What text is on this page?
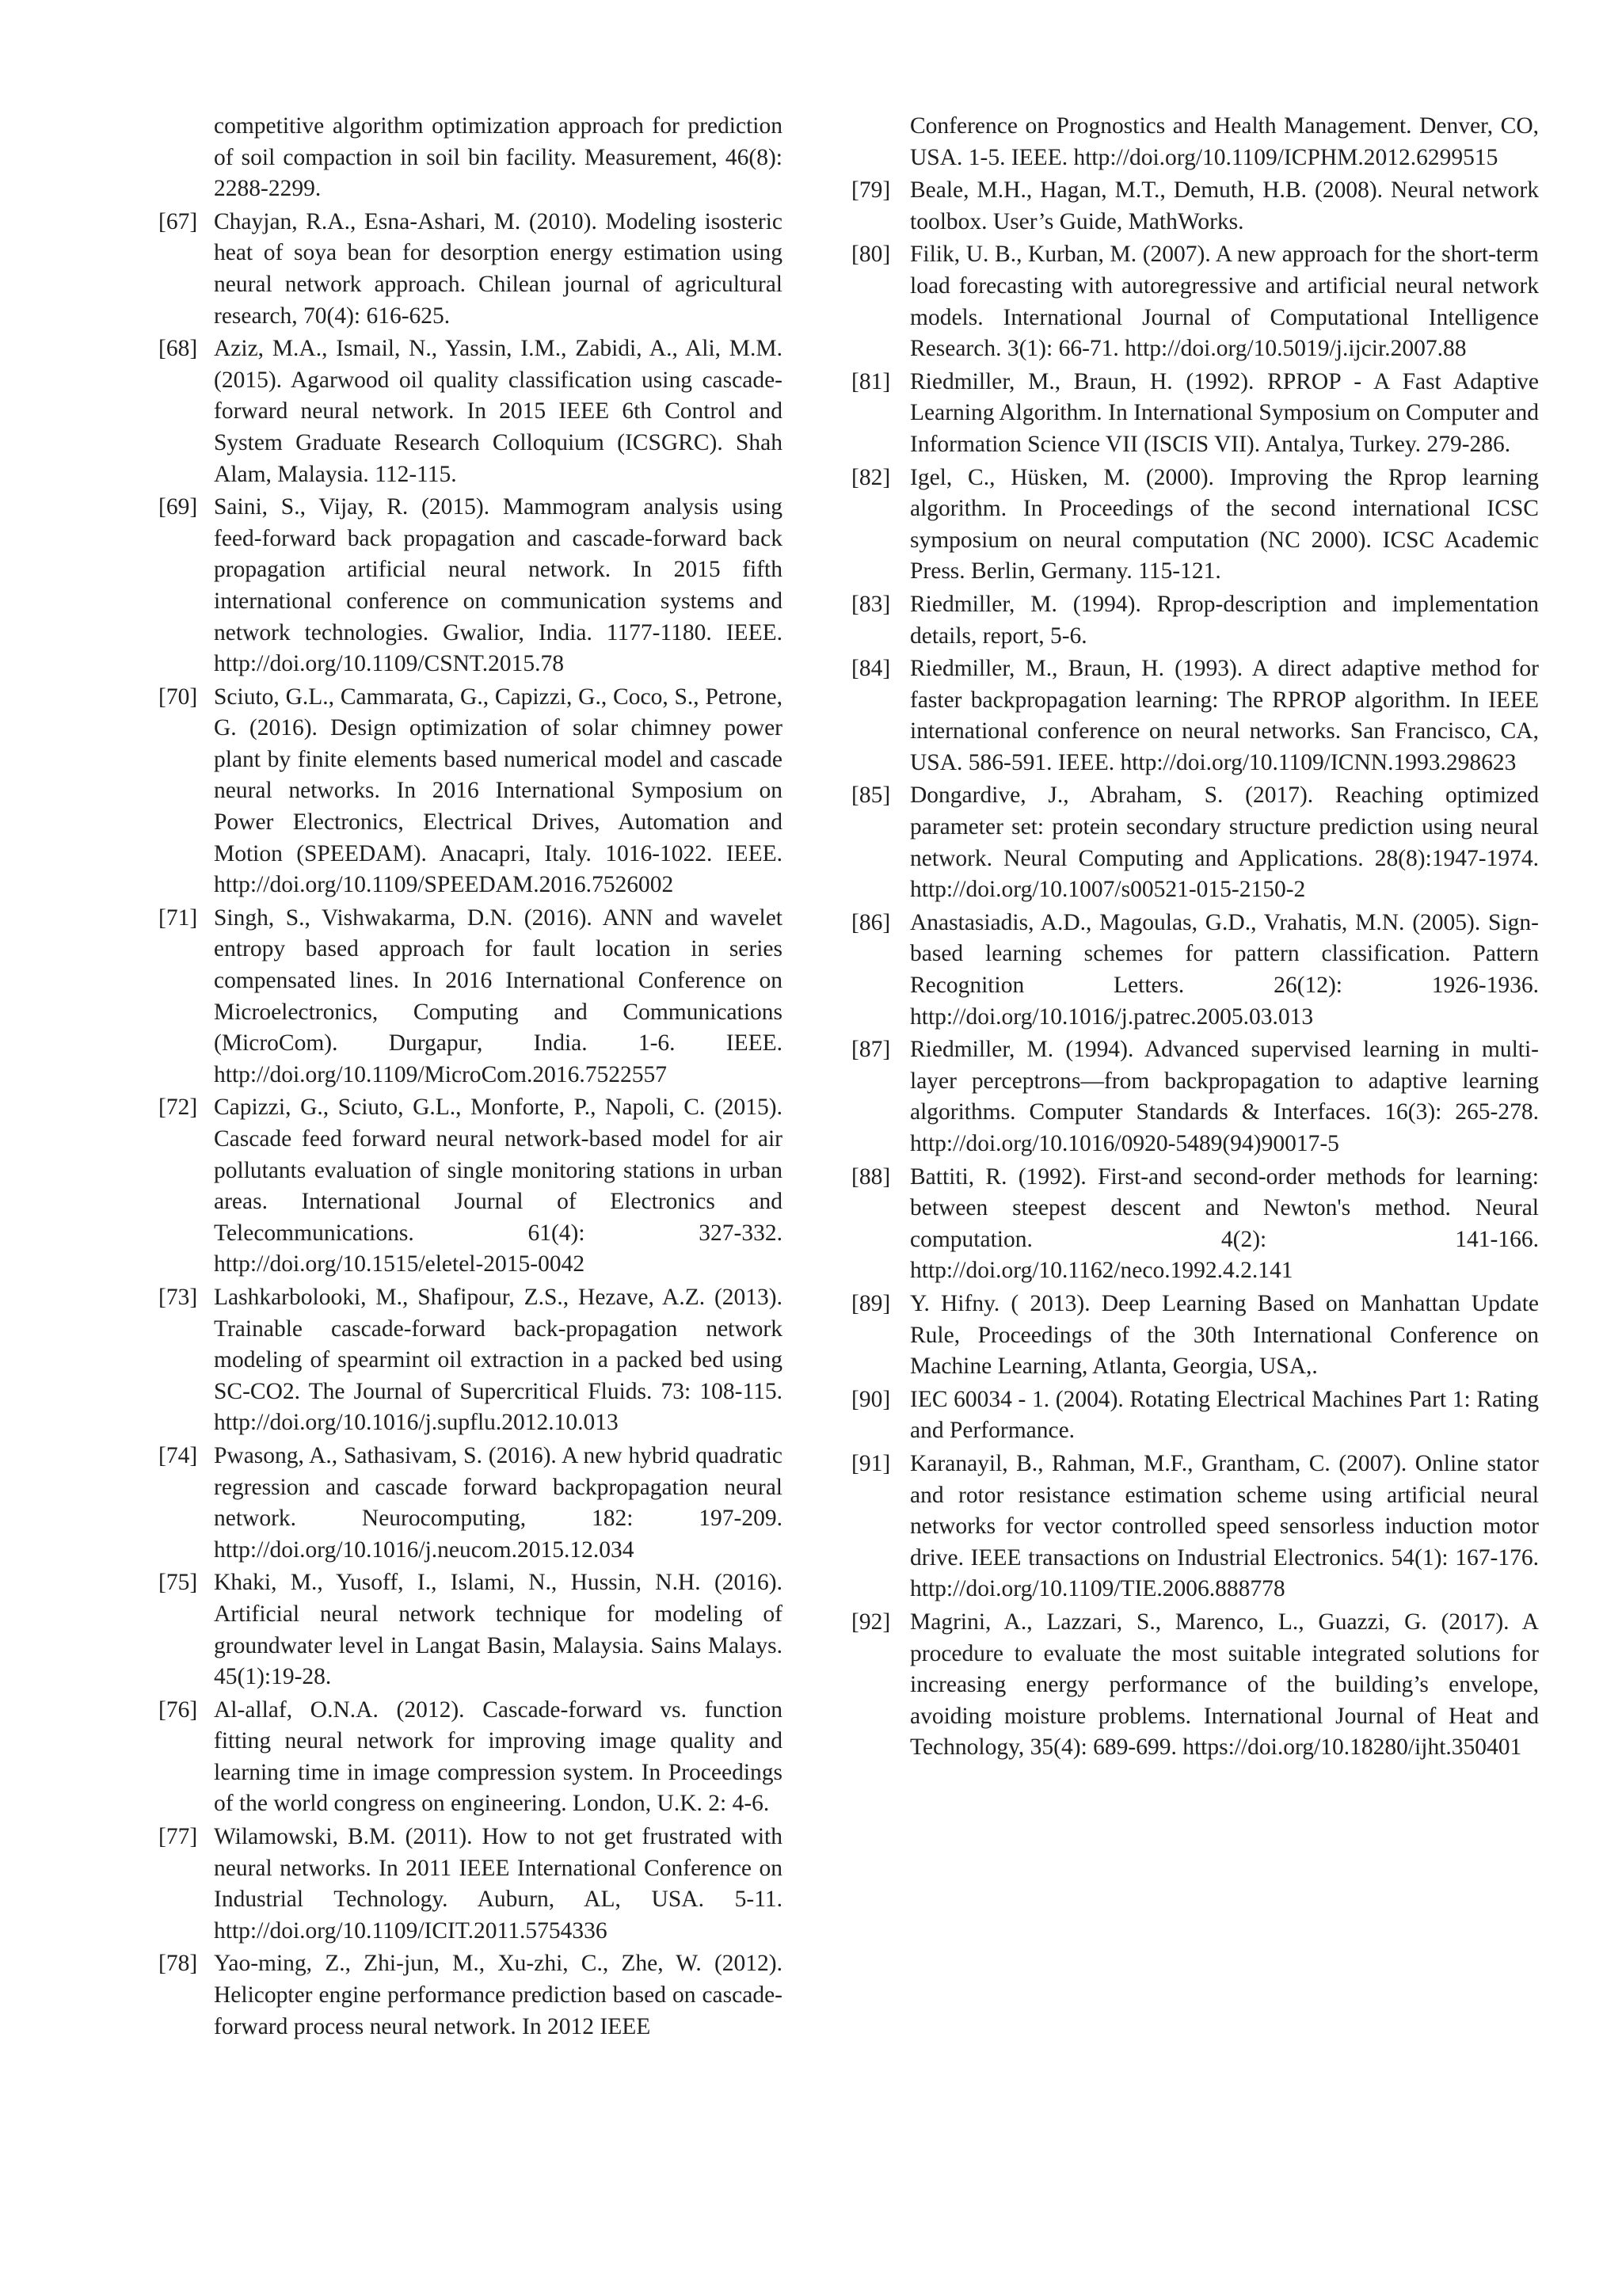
competitive algorithm optimization approach for prediction of soil compaction in soil bin facility. Measurement, 46(8): 2288-2299.
[67] Chayjan, R.A., Esna-Ashari, M. (2010). Modeling isosteric heat of soya bean for desorption energy estimation using neural network approach. Chilean journal of agricultural research, 70(4): 616-625.
[68] Aziz, M.A., Ismail, N., Yassin, I.M., Zabidi, A., Ali, M.M. (2015). Agarwood oil quality classification using cascade-forward neural network. In 2015 IEEE 6th Control and System Graduate Research Colloquium (ICSGRC). Shah Alam, Malaysia. 112-115.
[69] Saini, S., Vijay, R. (2015). Mammogram analysis using feed-forward back propagation and cascade-forward back propagation artificial neural network. In 2015 fifth international conference on communication systems and network technologies. Gwalior, India. 1177-1180. IEEE. http://doi.org/10.1109/CSNT.2015.78
[70] Sciuto, G.L., Cammarata, G., Capizzi, G., Coco, S., Petrone, G. (2016). Design optimization of solar chimney power plant by finite elements based numerical model and cascade neural networks. In 2016 International Symposium on Power Electronics, Electrical Drives, Automation and Motion (SPEEDAM). Anacapri, Italy. 1016-1022. IEEE. http://doi.org/10.1109/SPEEDAM.2016.7526002
[71] Singh, S., Vishwakarma, D.N. (2016). ANN and wavelet entropy based approach for fault location in series compensated lines. In 2016 International Conference on Microelectronics, Computing and Communications (MicroCom). Durgapur, India. 1-6. IEEE. http://doi.org/10.1109/MicroCom.2016.7522557
[72] Capizzi, G., Sciuto, G.L., Monforte, P., Napoli, C. (2015). Cascade feed forward neural network-based model for air pollutants evaluation of single monitoring stations in urban areas. International Journal of Electronics and Telecommunications. 61(4): 327-332. http://doi.org/10.1515/eletel-2015-0042
[73] Lashkarbolooki, M., Shafipour, Z.S., Hezave, A.Z. (2013). Trainable cascade-forward back-propagation network modeling of spearmint oil extraction in a packed bed using SC-CO2. The Journal of Supercritical Fluids. 73: 108-115. http://doi.org/10.1016/j.supflu.2012.10.013
[74] Pwasong, A., Sathasivam, S. (2016). A new hybrid quadratic regression and cascade forward backpropagation neural network. Neurocomputing, 182: 197-209. http://doi.org/10.1016/j.neucom.2015.12.034
[75] Khaki, M., Yusoff, I., Islami, N., Hussin, N.H. (2016). Artificial neural network technique for modeling of groundwater level in Langat Basin, Malaysia. Sains Malays. 45(1):19-28.
[76] Al-allaf, O.N.A. (2012). Cascade-forward vs. function fitting neural network for improving image quality and learning time in image compression system. In Proceedings of the world congress on engineering. London, U.K. 2: 4-6.
[77] Wilamowski, B.M. (2011). How to not get frustrated with neural networks. In 2011 IEEE International Conference on Industrial Technology. Auburn, AL, USA. 5-11. http://doi.org/10.1109/ICIT.2011.5754336
[78] Yao-ming, Z., Zhi-jun, M., Xu-zhi, C., Zhe, W. (2012). Helicopter engine performance prediction based on cascade-forward process neural network. In 2012 IEEE
Conference on Prognostics and Health Management. Denver, CO, USA. 1-5. IEEE. http://doi.org/10.1109/ICPHM.2012.6299515
[79] Beale, M.H., Hagan, M.T., Demuth, H.B. (2008). Neural network toolbox. User’s Guide, MathWorks.
[80] Filik, U. B., Kurban, M. (2007). A new approach for the short-term load forecasting with autoregressive and artificial neural network models. International Journal of Computational Intelligence Research. 3(1): 66-71. http://doi.org/10.5019/j.ijcir.2007.88
[81] Riedmiller, M., Braun, H. (1992). RPROP - A Fast Adaptive Learning Algorithm. In International Symposium on Computer and Information Science VII (ISCIS VII). Antalya, Turkey. 279-286.
[82] Igel, C., Hüsken, M. (2000). Improving the Rprop learning algorithm. In Proceedings of the second international ICSC symposium on neural computation (NC 2000). ICSC Academic Press. Berlin, Germany. 115-121.
[83] Riedmiller, M. (1994). Rprop-description and implementation details, report, 5-6.
[84] Riedmiller, M., Braun, H. (1993). A direct adaptive method for faster backpropagation learning: The RPROP algorithm. In IEEE international conference on neural networks. San Francisco, CA, USA. 586-591. IEEE. http://doi.org/10.1109/ICNN.1993.298623
[85] Dongardive, J., Abraham, S. (2017). Reaching optimized parameter set: protein secondary structure prediction using neural network. Neural Computing and Applications. 28(8):1947-1974. http://doi.org/10.1007/s00521-015-2150-2
[86] Anastasiadis, A.D., Magoulas, G.D., Vrahatis, M.N. (2005). Sign-based learning schemes for pattern classification. Pattern Recognition Letters. 26(12): 1926-1936. http://doi.org/10.1016/j.patrec.2005.03.013
[87] Riedmiller, M. (1994). Advanced supervised learning in multi-layer perceptrons—from backpropagation to adaptive learning algorithms. Computer Standards & Interfaces. 16(3): 265-278. http://doi.org/10.1016/0920-5489(94)90017-5
[88] Battiti, R. (1992). First-and second-order methods for learning: between steepest descent and Newton's method. Neural computation. 4(2): 141-166. http://doi.org/10.1162/neco.1992.4.2.141
[89] Y. Hifny. ( 2013). Deep Learning Based on Manhattan Update Rule, Proceedings of the 30th International Conference on Machine Learning, Atlanta, Georgia, USA,.
[90] IEC 60034 - 1. (2004). Rotating Electrical Machines Part 1: Rating and Performance.
[91] Karanayil, B., Rahman, M.F., Grantham, C. (2007). Online stator and rotor resistance estimation scheme using artificial neural networks for vector controlled speed sensorless induction motor drive. IEEE transactions on Industrial Electronics. 54(1): 167-176. http://doi.org/10.1109/TIE.2006.888778
[92] Magrini, A., Lazzari, S., Marenco, L., Guazzi, G. (2017). A procedure to evaluate the most suitable integrated solutions for increasing energy performance of the building’s envelope, avoiding moisture problems. International Journal of Heat and Technology, 35(4): 689-699. https://doi.org/10.18280/ijht.350401
